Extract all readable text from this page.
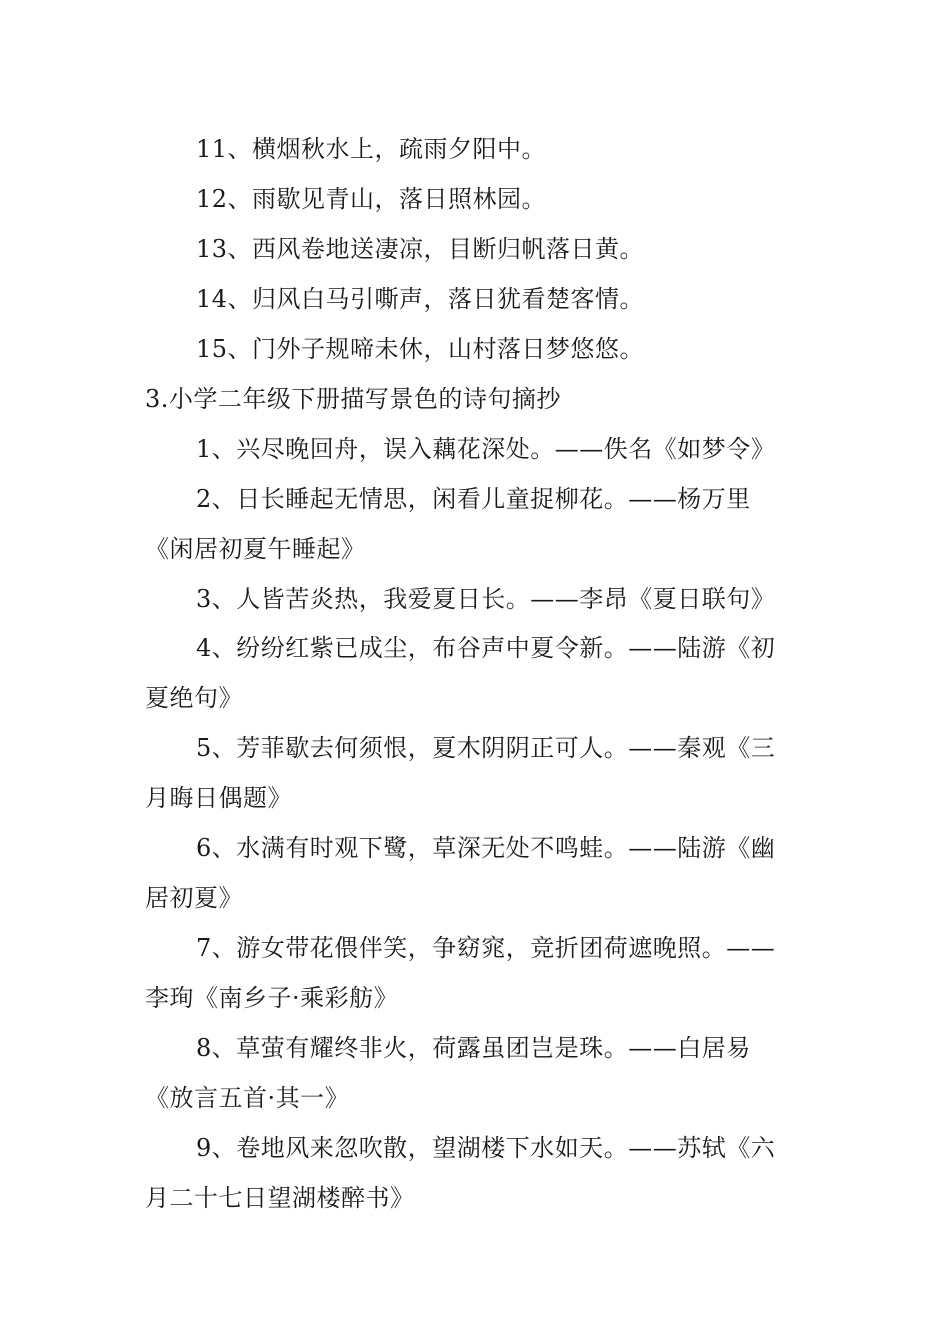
11、横烟秋水上，疏雨夕阳中。
12、雨歇见青山，落日照林园。
13、西风卷地送凄凉，目断归帆落日黄。
14、归风白马引嘶声，落日犹看楚客情。
15、门外子规啼未休，山村落日梦悠悠。
3.小学二年级下册描写景色的诗句摘抄
1、兴尽晚回舟，误入藕花深处。——佚名《如梦令》
2、日长睡起无情思，闲看儿童捉柳花。——杨万里
《闲居初夏午睡起》
3、人皆苦炎热，我爱夏日长。——李昂《夏日联句》
4、纷纷红紫已成尘，布谷声中夏令新。——陆游《初
夏绝句》
5、芳菲歇去何须恨，夏木阴阴正可人。——秦观《三
月晦日偶题》
6、水满有时观下鹭，草深无处不鸣蛙。——陆游《幽
居初夏》
7、游女带花偎伴笑，争窈窕，竞折团荷遮晚照。——
李珣《南乡子·乘彩舫》
8、草萤有耀终非火，荷露虽团岂是珠。——白居易
《放言五首·其一》
9、卷地风来忽吹散，望湖楼下水如天。——苏轼《六
月二十七日望湖楼醉书》
